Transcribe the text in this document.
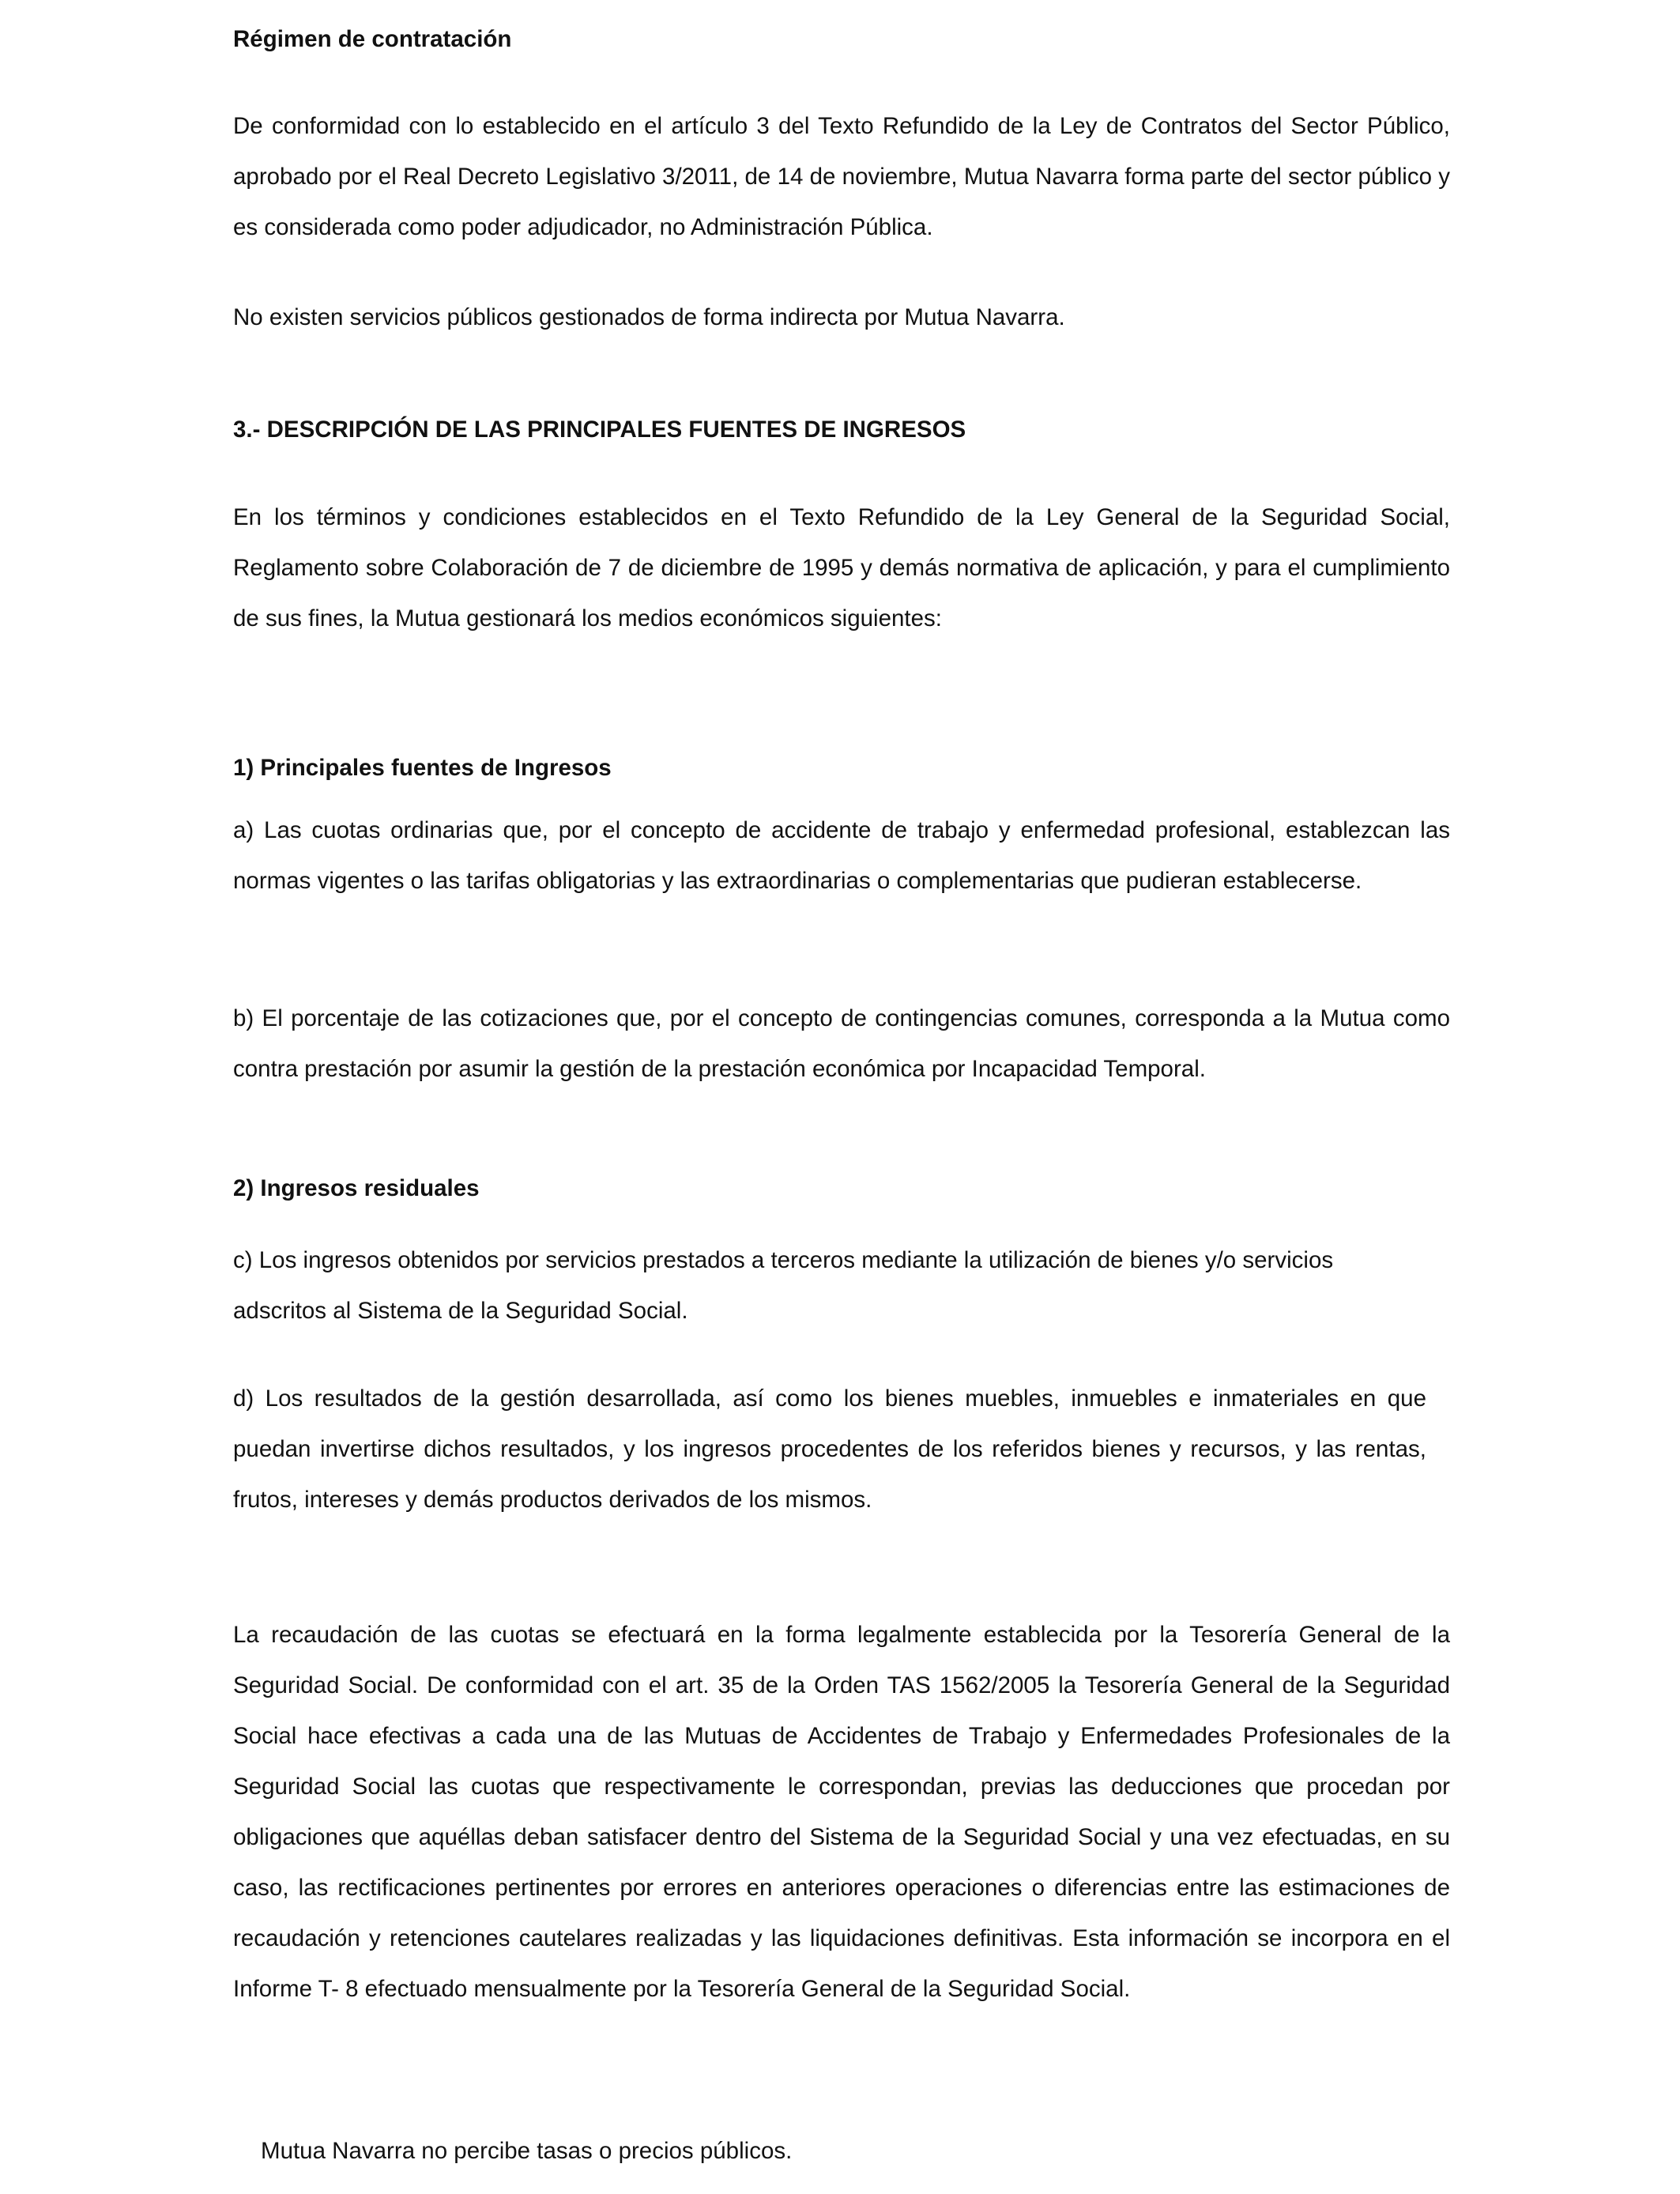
Régimen de contratación

De conformidad con lo establecido en el artículo 3 del Texto Refundido de la Ley de Contratos del Sector Público, aprobado por el Real Decreto Legislativo 3/2011, de 14 de noviembre, Mutua Navarra forma parte del sector público y es considerada como poder adjudicador, no Administración Pública.

No existen servicios públicos gestionados de forma indirecta por Mutua Navarra.

3.- DESCRIPCIÓN DE LAS PRINCIPALES FUENTES DE INGRESOS

En los términos y condiciones establecidos en el Texto Refundido de la Ley General de la Seguridad Social, Reglamento sobre Colaboración de 7 de diciembre de 1995 y demás normativa de aplicación, y para el cumplimiento de sus fines, la Mutua gestionará los medios económicos siguientes:

1) Principales fuentes de Ingresos

a) Las cuotas ordinarias que, por el concepto de accidente de trabajo y enfermedad profesional, establezcan las normas vigentes o las tarifas obligatorias y las extraordinarias o complementarias que pudieran establecerse.

b) El porcentaje de las cotizaciones que, por el concepto de contingencias comunes, corresponda a la Mutua como contra prestación por asumir la gestión de la prestación económica por Incapacidad Temporal.

2) Ingresos residuales

c) Los ingresos obtenidos por servicios prestados a terceros mediante la utilización de bienes y/o servicios adscritos al Sistema de la Seguridad Social.

d) Los resultados de la gestión desarrollada, así como los bienes muebles, inmuebles e inmateriales en que puedan invertirse dichos resultados, y los ingresos procedentes de los referidos bienes y recursos, y las rentas, frutos, intereses y demás productos derivados de los mismos.

La recaudación de las cuotas se efectuará en la forma legalmente establecida por la Tesorería General de la Seguridad Social. De conformidad con el art. 35 de la Orden TAS 1562/2005 la Tesorería General de la Seguridad Social hace efectivas a cada una de las Mutuas de Accidentes de Trabajo y Enfermedades Profesionales de la Seguridad Social las cuotas que respectivamente le correspondan, previas las deducciones que procedan por obligaciones que aquéllas deban satisfacer dentro del Sistema de la Seguridad Social y una vez efectuadas, en su caso, las rectificaciones pertinentes por errores en anteriores operaciones o diferencias entre las estimaciones de recaudación y retenciones cautelares realizadas y las liquidaciones definitivas. Esta información se incorpora en el Informe T- 8 efectuado mensualmente por la Tesorería General de la Seguridad Social.

Mutua Navarra no percibe tasas o precios públicos.
